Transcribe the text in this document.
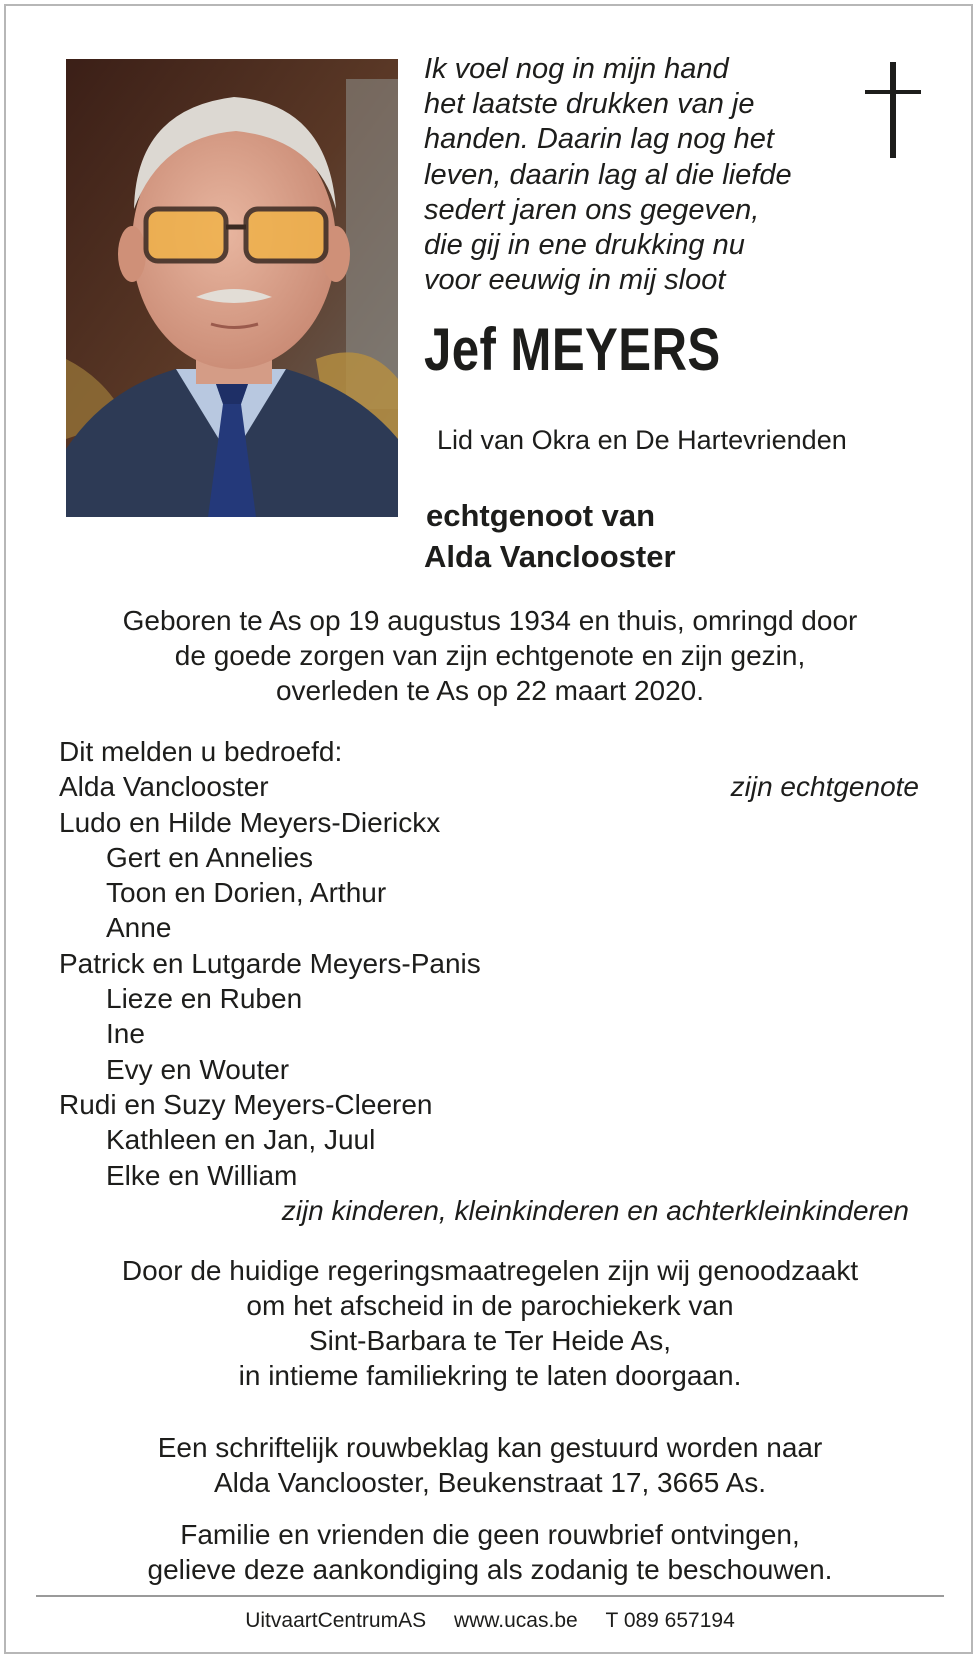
Ik voel nog in mijn hand
het laatste drukken van je
handen. Daarin lag nog het
leven, daarin lag al die liefde
sedert jaren ons gegeven,
die gij in ene drukking nu
voor eeuwig in mij sloot
Jef MEYERS
Lid van Okra en De Hartevrienden
echtgenoot van
Alda Vanclooster
Geboren te As op 19 augustus 1934 en thuis, omringd door
de goede zorgen van zijn echtgenote en zijn gezin,
overleden te As op 22 maart 2020.
Dit melden u bedroefd:
Alda Vanclooster	zijn echtgenote
Ludo en Hilde Meyers-Dierickx
Gert en Annelies
Toon en Dorien, Arthur
Anne
Patrick en Lutgarde Meyers-Panis
Lieze en Ruben
Ine
Evy en Wouter
Rudi en Suzy Meyers-Cleeren
Kathleen en Jan, Juul
Elke en William
zijn kinderen, kleinkinderen en achterkleinkinderen
Door de huidige regeringsmaatregelen zijn wij genoodzaakt
om het afscheid in de parochiekerk van
Sint-Barbara te Ter Heide As,
in intieme familiekring te laten doorgaan.
Een schriftelijk rouwbeklag kan gestuurd worden naar
Alda Vanclooster, Beukenstraat 17, 3665 As.
Familie en vrienden die geen rouwbrief ontvingen,
gelieve deze aankondiging als zodanig te beschouwen.
UitvaartCentrumAS www.ucas.be T 089 657194
